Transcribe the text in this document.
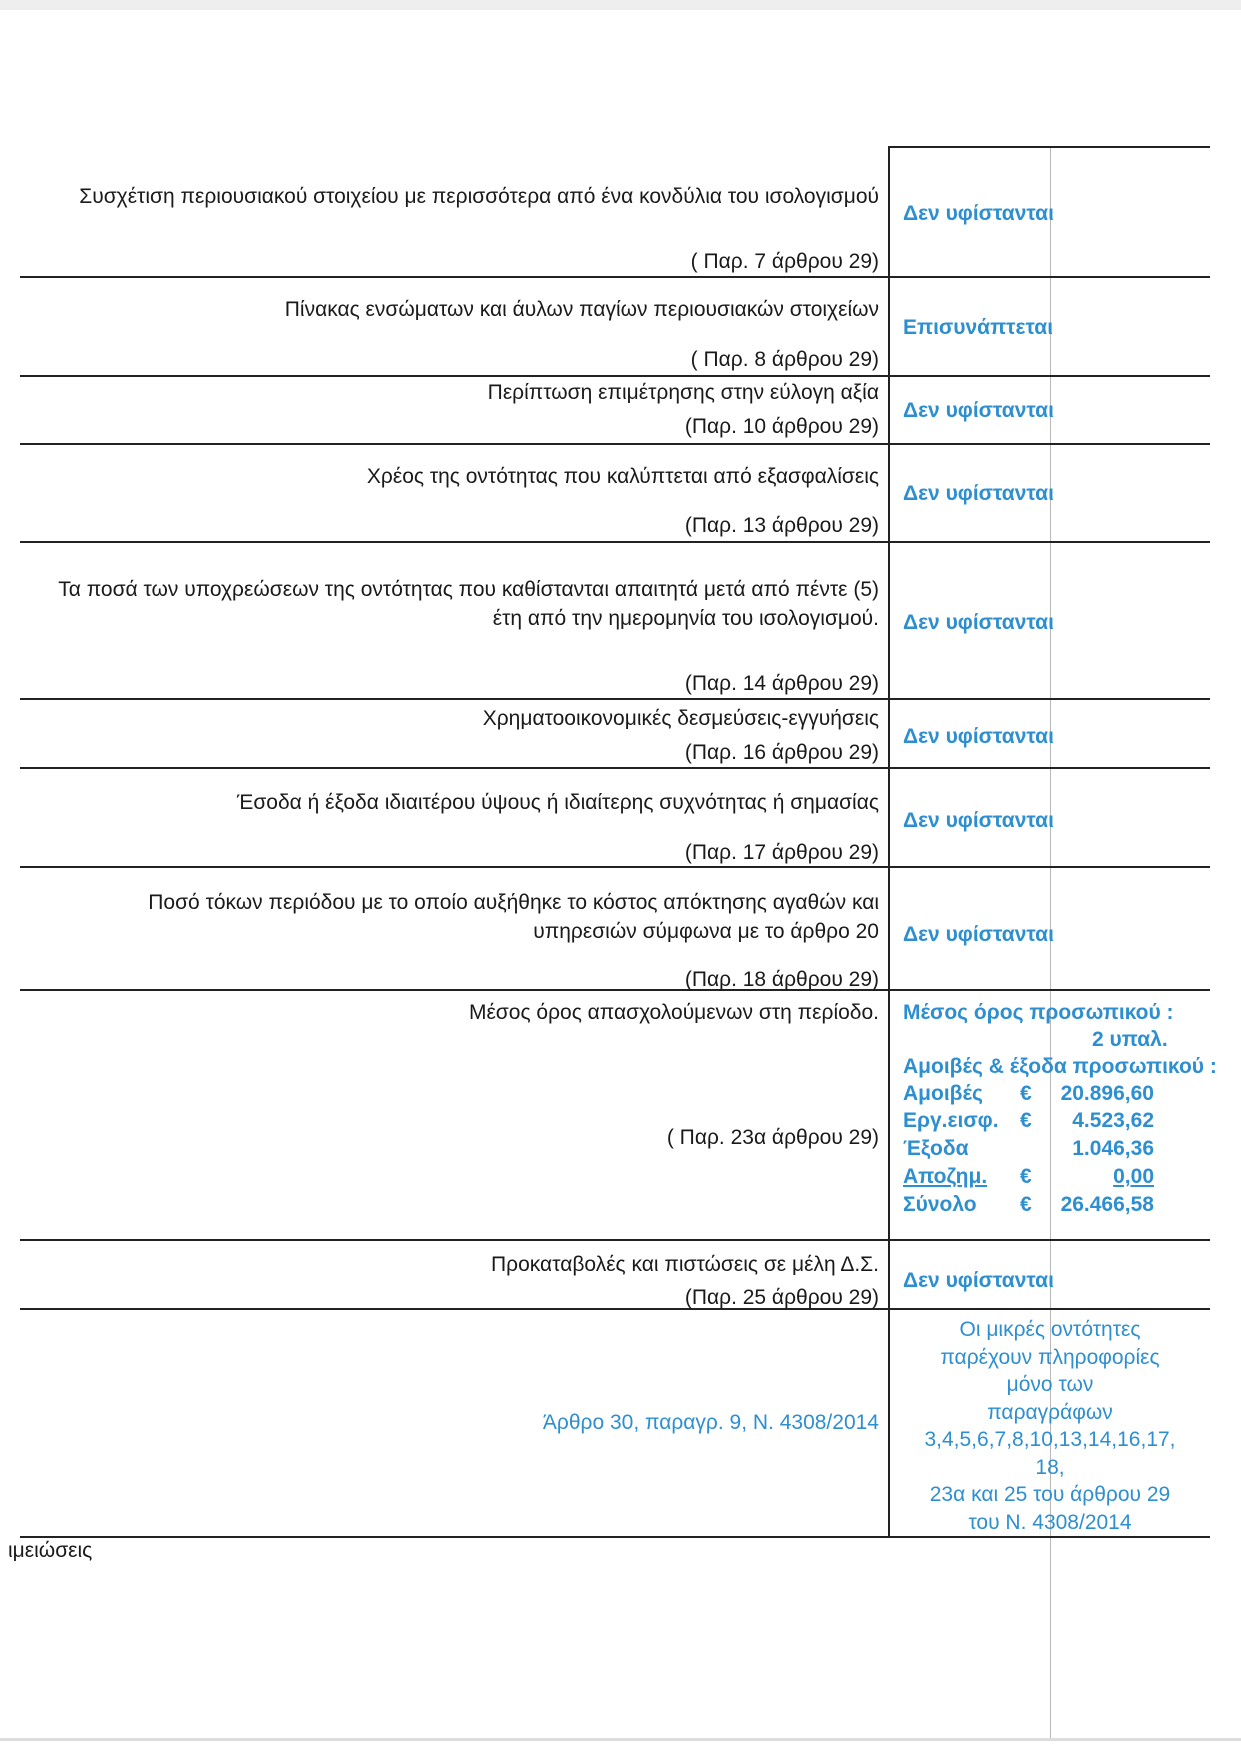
Συσχέτιση περιουσιακού στοιχείου με περισσότερα από ένα κονδύλια του ισολογισμού
( Παρ. 7 άρθρου 29)
Δεν υφίστανται
Πίνακας ενσώματων και άυλων παγίων περιουσιακών στοιχείων
( Παρ. 8 άρθρου 29)
Επισυνάπτεται
Περίπτωση επιμέτρησης στην εύλογη αξία
(Παρ. 10 άρθρου 29)
Δεν υφίστανται
Χρέος της οντότητας που καλύπτεται από εξασφαλίσεις
(Παρ. 13 άρθρου 29)
Δεν υφίστανται
Τα ποσά των υποχρεώσεων της οντότητας που καθίστανται απαιτητά μετά από πέντε (5)
έτη από την ημερομηνία του ισολογισμού.
(Παρ. 14 άρθρου 29)
Δεν υφίστανται
Χρηματοοικονομικές δεσμεύσεις-εγγυήσεις
(Παρ. 16 άρθρου 29)
Δεν υφίστανται
Έσοδα ή έξοδα ιδιαιτέρου ύψους ή ιδιαίτερης συχνότητας ή σημασίας
(Παρ. 17 άρθρου 29)
Δεν υφίστανται
Ποσό τόκων περιόδου με το οποίο αυξήθηκε το κόστος απόκτησης αγαθών και
υπηρεσιών σύμφωνα με το άρθρο 20
(Παρ. 18 άρθρου 29)
Δεν υφίστανται
Μέσος όρος απασχολούμενων στη περίοδο.
( Παρ. 23α άρθρου 29)
Μέσος όρος προσωπικού :
2 υπαλ.
Αμοιβές & έξοδα προσωπικού :
Αμοιβές € 20.896,60
Εργ.εισφ. € 4.523,62
Έξοδα	1.046,36
Αποζημ. €	0,00
Σύνολο € 26.466,58
Προκαταβολές και πιστώσεις σε μέλη Δ.Σ.
(Παρ. 25 άρθρου 29)
Δεν υφίστανται
Άρθρο 30, παραγρ. 9, Ν. 4308/2014
Οι μικρές οντότητες
παρέχουν πληροφορίες
μόνο των
παραγράφων
3,4,5,6,7,8,10,13,14,16,17,
18,
23α και 25 του άρθρου 29
του Ν. 4308/2014
ιμειώσεις
